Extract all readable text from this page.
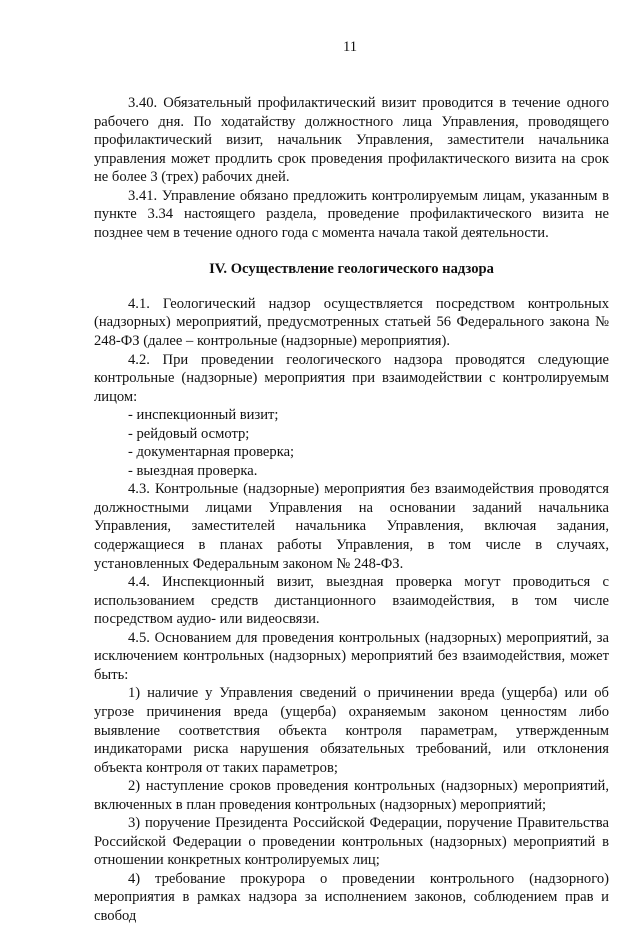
11

3.40. Обязательный профилактический визит проводится в течение одного рабочего дня. По ходатайству должностного лица Управления, проводящего профилактический визит, начальник Управления, заместители начальника управления может продлить срок проведения профилактического визита на срок не более 3 (трех) рабочих дней.

3.41. Управление обязано предложить контролируемым лицам, указанным в пункте 3.34 настоящего раздела, проведение профилактического визита не позднее чем в течение одного года с момента начала такой деятельности.

IV. Осуществление геологического надзора

4.1. Геологический надзор осуществляется посредством контрольных (надзорных) мероприятий, предусмотренных статьей 56 Федерального закона № 248-ФЗ (далее – контрольные (надзорные) мероприятия).

4.2. При проведении геологического надзора проводятся следующие контрольные (надзорные) мероприятия при взаимодействии с контролируемым лицом:

- инспекционный визит;

- рейдовый осмотр;

- документарная проверка;

- выездная проверка.

4.3. Контрольные (надзорные) мероприятия без взаимодействия проводятся должностными лицами Управления на основании заданий начальника Управления, заместителей начальника Управления, включая задания, содержащиеся в планах работы Управления, в том числе в случаях, установленных Федеральным законом № 248-ФЗ.

4.4. Инспекционный визит, выездная проверка могут проводиться с использованием средств дистанционного взаимодействия, в том числе посредством аудио- или видеосвязи.

4.5. Основанием для проведения контрольных (надзорных) мероприятий, за исключением контрольных (надзорных) мероприятий без взаимодействия, может быть:

1) наличие у Управления сведений о причинении вреда (ущерба) или об угрозе причинения вреда (ущерба) охраняемым законом ценностям либо выявление соответствия объекта контроля параметрам, утвержденным индикаторами риска нарушения обязательных требований, или отклонения объекта контроля от таких параметров;

2) наступление сроков проведения контрольных (надзорных) мероприятий, включенных в план проведения контрольных (надзорных) мероприятий;

3) поручение Президента Российской Федерации, поручение Правительства Российской Федерации о проведении контрольных (надзорных) мероприятий в отношении конкретных контролируемых лиц;

4) требование прокурора о проведении контрольного (надзорного) мероприятия в рамках надзора за исполнением законов, соблюдением прав и свобод
